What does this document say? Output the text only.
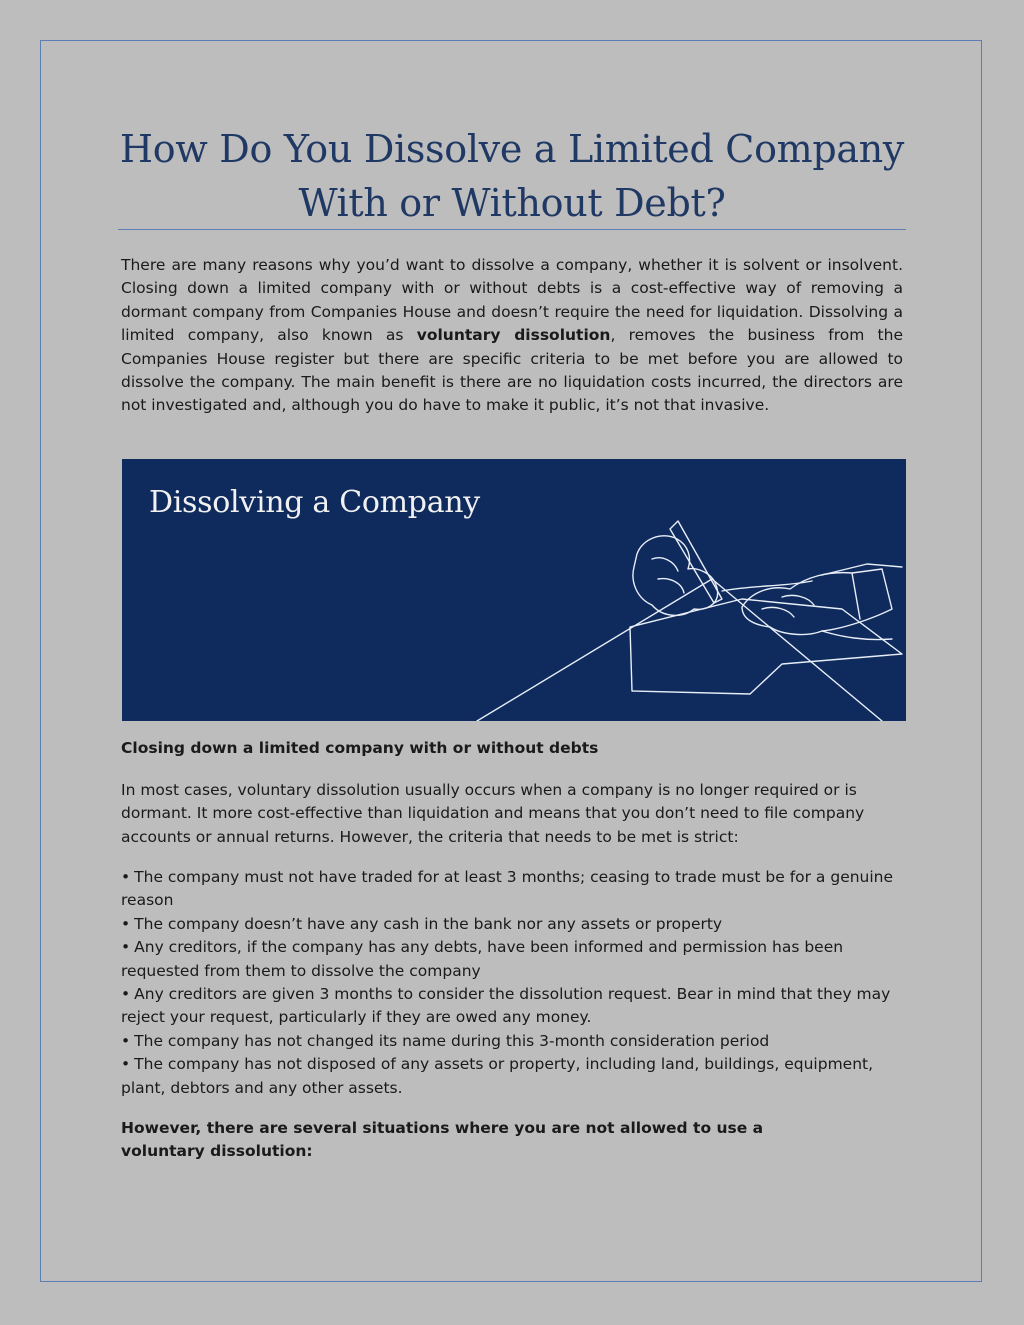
How Do You Dissolve a Limited Company
With or Without Debt?

There are many reasons why you’d want to dissolve a company, whether it is solvent or insolvent. Closing down a limited company with or without debts is a cost-effective way of removing a dormant company from Companies House and doesn’t require the need for liquidation. Dissolving a limited company, also known as voluntary dissolution, removes the business from the Companies House register but there are specific criteria to be met before you are allowed to dissolve the company. The main benefit is there are no liquidation costs incurred, the directors are not investigated and, although you do have to make it public, it’s not that invasive.

Dissolving a Company
Closing down a limited company with or without debts

In most cases, voluntary dissolution usually occurs when a company is no longer required or is dormant. It more cost-effective than liquidation and means that you don’t need to file company accounts or annual returns. However, the criteria that needs to be met is strict:

• The company must not have traded for at least 3 months; ceasing to trade must be for a genuine reason
• The company doesn’t have any cash in the bank nor any assets or property
• Any creditors, if the company has any debts, have been informed and permission has been requested from them to dissolve the company
• Any creditors are given 3 months to consider the dissolution request. Bear in mind that they may reject your request, particularly if they are owed any money.
• The company has not changed its name during this 3-month consideration period
• The company has not disposed of any assets or property, including land, buildings, equipment, plant, debtors and any other assets.

However, there are several situations where you are not allowed to use a voluntary dissolution:
